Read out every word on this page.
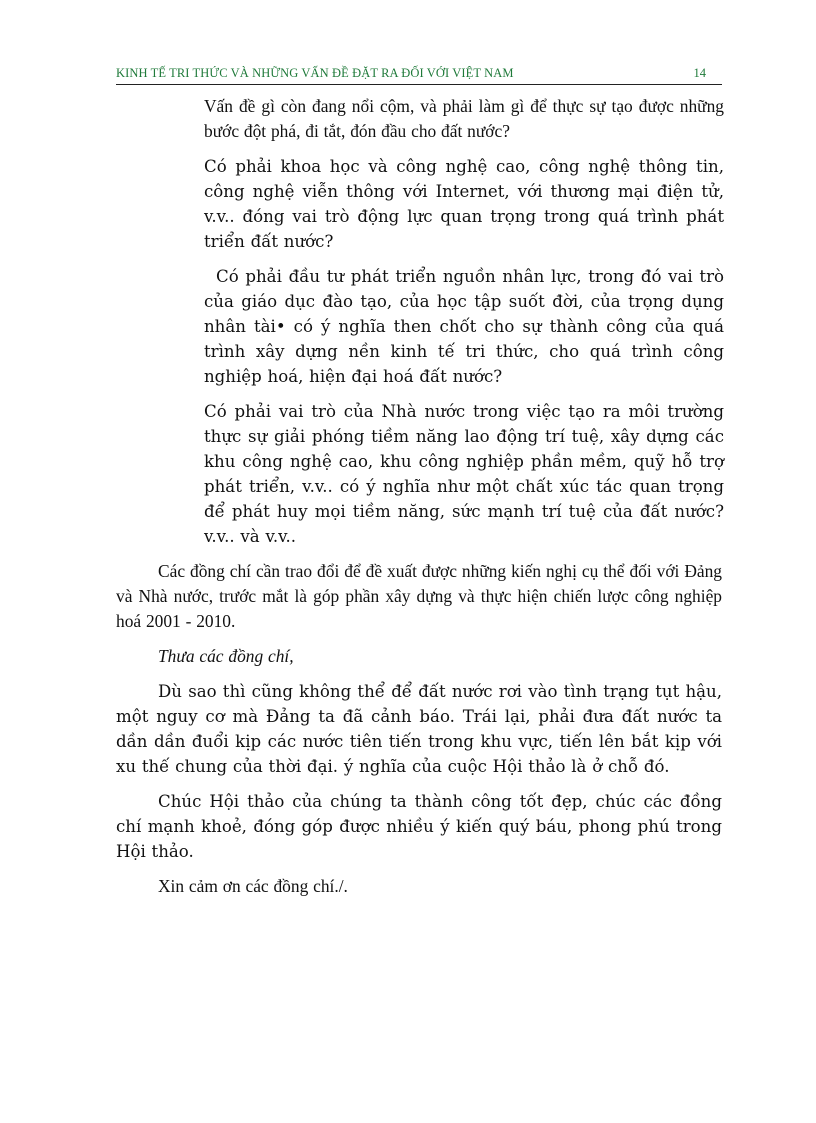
KINH TẾ TRI THỨC VÀ NHỮNG VẤN ĐỀ ĐẶT RA ĐỐI VỚI VIỆT NAM	14

Vấn đề gì còn đang nổi cộm, và phải làm gì để thực sự tạo được những bước đột phá, đi tắt, đón đầu cho đất nước?

Có phải khoa học và công nghệ cao, công nghệ thông tin, công nghệ viễn thông với Internet, với thương mại điện tử, v.v.. đóng vai trò động lực quan trọng trong quá trình phát triển đất nước?

Có phải đầu tư phát triển nguồn nhân lực, trong đó vai trò của giáo dục đào tạo, của học tập suốt đời, của trọng dụng nhân tài• có ý nghĩa then chốt cho sự thành công của quá trình xây dựng nền kinh tế tri thức, cho quá trình công nghiệp hoá, hiện đại hoá đất nước?

Có phải vai trò của Nhà nước trong việc tạo ra môi trường thực sự giải phóng tiềm năng lao động trí tuệ, xây dựng các khu công nghệ cao, khu công nghiệp phần mềm, quỹ hỗ trợ phát triển, v.v.. có ý nghĩa như một chất xúc tác quan trọng để phát huy mọi tiềm năng, sức mạnh trí tuệ của đất nước? v.v.. và v.v..

Các đồng chí cần trao đổi để đề xuất được những kiến nghị cụ thể đối với Đảng và Nhà nước, trước mắt là góp phần xây dựng và thực hiện chiến lược công nghiệp hoá 2001 - 2010.

Thưa các đồng chí,

Dù sao thì cũng không thể để đất nước rơi vào tình trạng tụt hậu, một nguy cơ mà Đảng ta đã cảnh báo. Trái lại, phải đưa đất nước ta dần dần đuổi kịp các nước tiên tiến trong khu vực, tiến lên bắt kịp với xu thế chung của thời đại. ý nghĩa của cuộc Hội thảo là ở chỗ đó.

Chúc Hội thảo của chúng ta thành công tốt đẹp, chúc các đồng chí mạnh khoẻ, đóng góp được nhiều ý kiến quý báu, phong phú trong Hội thảo.

Xin cảm ơn các đồng chí./.
